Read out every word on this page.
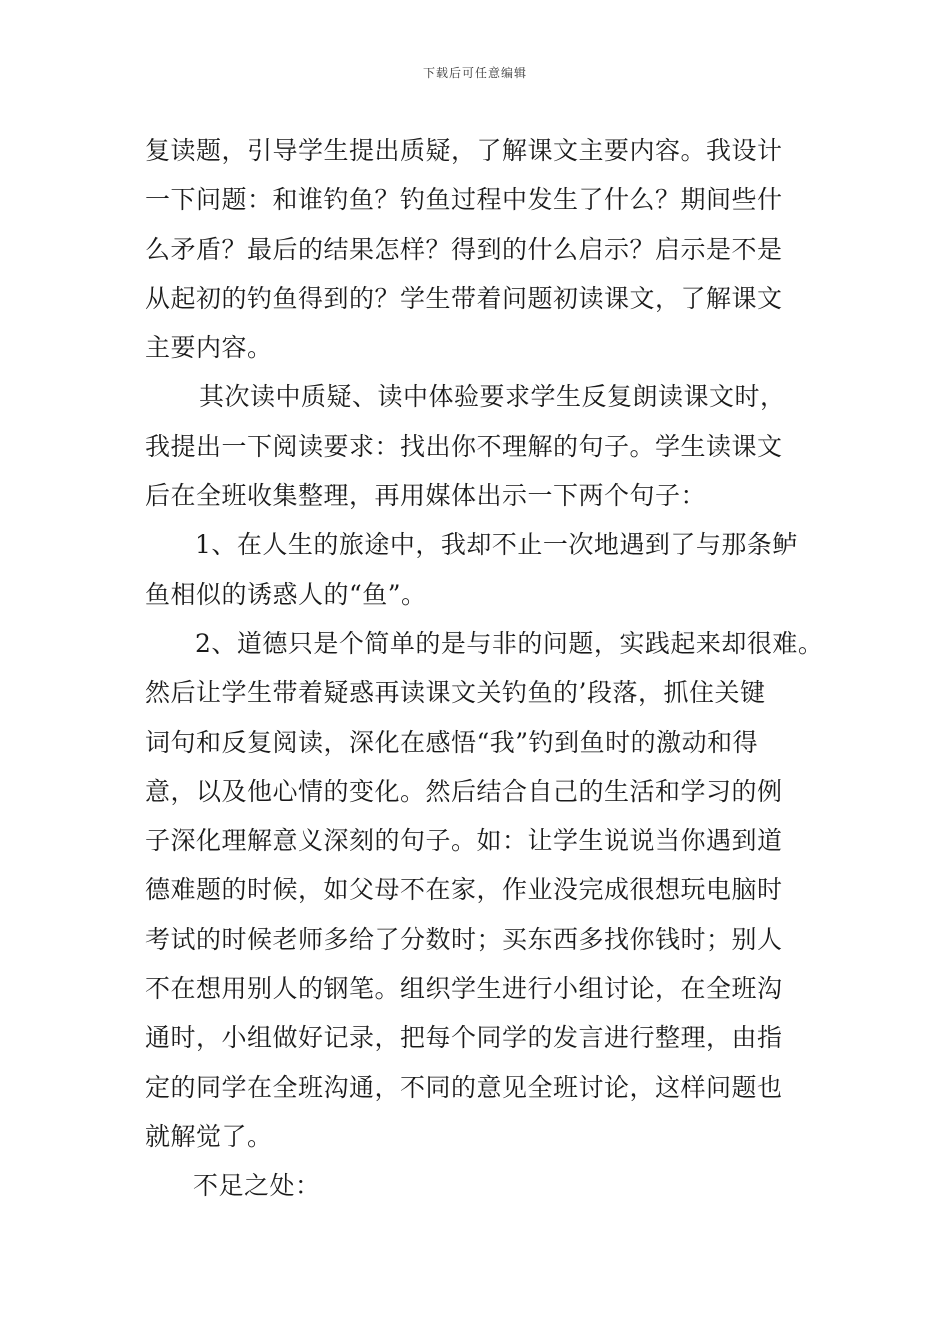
下载后可任意编辑
复读题，引导学生提出质疑，了解课文主要内容。我设计
一下问题：和谁钓鱼？钓鱼过程中发生了什么？期间些什
么矛盾？最后的结果怎样？得到的什么启示？启示是不是
从起初的钓鱼得到的？学生带着问题初读课文，了解课文
主要内容。
其次读中质疑、读中体验要求学生反复朗读课文时，
我提出一下阅读要求：找出你不理解的句子。学生读课文
后在全班收集整理，再用媒体出示一下两个句子：
1、在人生的旅途中，我却不止一次地遇到了与那条鲈
鱼相似的诱惑人的“鱼”。
2、道德只是个简单的是与非的问题，实践起来却很难。
然后让学生带着疑惑再读课文关钓鱼的’段落，抓住关键
词句和反复阅读，深化在感悟“我”钓到鱼时的激动和得
意，以及他心情的变化。然后结合自己的生活和学习的例
子深化理解意义深刻的句子。如：让学生说说当你遇到道
德难题的时候，如父母不在家，作业没完成很想玩电脑时
考试的时候老师多给了分数时；买东西多找你钱时；别人
不在想用别人的钢笔。组织学生进行小组讨论，在全班沟
通时，小组做好记录，把每个同学的发言进行整理，由指
定的同学在全班沟通，不同的意见全班讨论，这样问题也
就解觉了。
不足之处：
